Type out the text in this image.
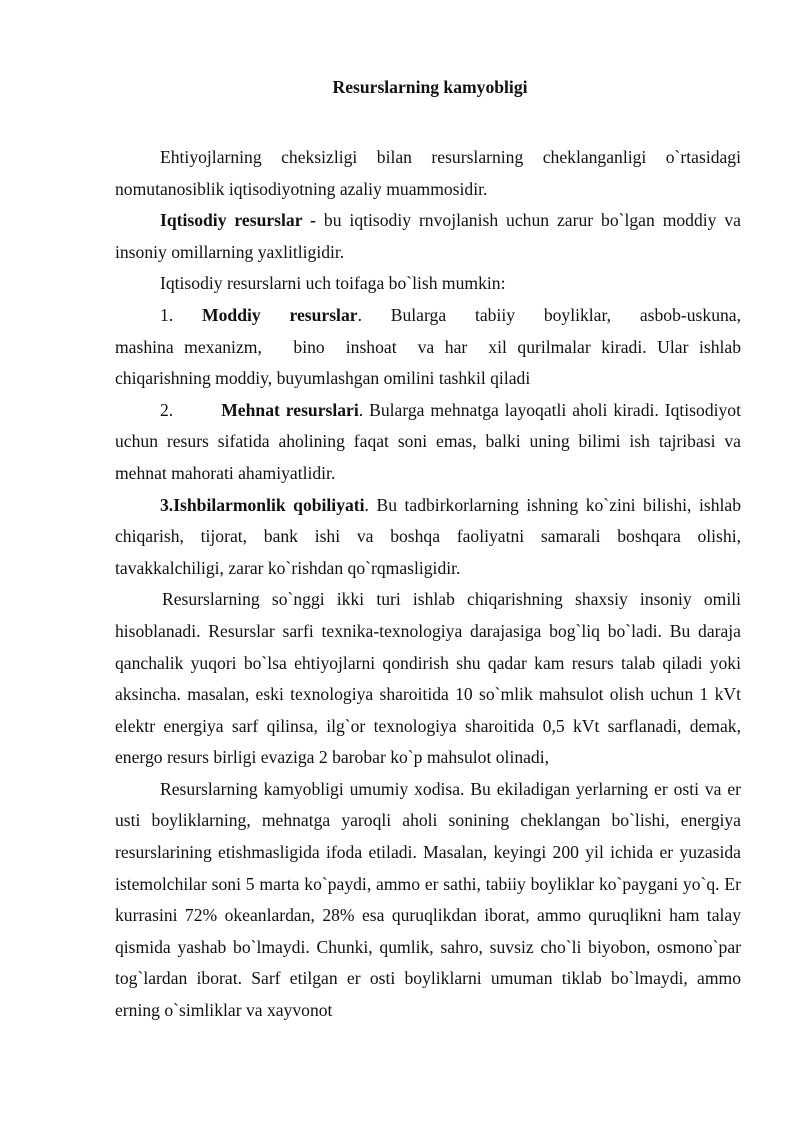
Resurslarning kamyobligi

Ehtiyojlarning cheksizligi bilan resurslarning cheklanganligi o`rtasidagi nomutanosiblik iqtisodiyotning azaliy muammosidir.

Iqtisodiy resurslar - bu iqtisodiy rnvojlanish uchun zarur bo`lgan moddiy va insoniy omillarning yaxlitligidir.

Iqtisodiy resurslarni uch toifaga bo`lish mumkin:

1. Moddiy resurslar. Bularga tabiiy boyliklar, asbob-uskuna,

mashina mexanizm,   bino  inshoat  va har  xil qurilmalar kiradi. Ular ishlab chiqarishning moddiy, buyumlashgan omilini tashkil qiladi

2.	Mehnat resurslari. Bularga mehnatga layoqatli aholi kiradi. Iqtisodiyot uchun resurs sifatida aholining faqat soni emas, balki uning bilimi ish tajribasi va mehnat mahorati ahamiyatlidir.

3.Ishbilarmonlik qobiliyati. Bu tadbirkorlarning ishning ko`zini bilishi, ishlab chiqarish, tijorat, bank ishi va boshqa faoliyatni samarali boshqara olishi, tavakkalchiligi, zarar ko`rishdan qo`rqmasligidir.

Resurslarning so`nggi ikki turi ishlab chiqarishning shaxsiy insoniy omili hisoblanadi. Resurslar sarfi texnika-texnologiya darajasiga bog`liq bo`ladi. Bu daraja qanchalik yuqori bo`lsa ehtiyojlarni qondirish shu qadar kam resurs talab qiladi yoki aksincha. masalan, eski texnologiya sharoitida 10 so`mlik mahsulot olish uchun 1 kVt elektr energiya sarf qilinsa, ilg`or texnologiya sharoitida 0,5 kVt sarflanadi, demak, energo resurs birligi evaziga 2 barobar ko`p mahsulot olinadi,

Resurslarning kamyobligi umumiy xodisa. Bu ekiladigan yerlarning er osti va er usti boyliklarning, mehnatga yaroqli aholi sonining cheklangan bo`lishi, energiya resurslarining etishmasligida ifoda etiladi. Masalan, keyingi 200 yil ichida er yuzasida istemolchilar soni 5 marta ko`paydi, ammo er sathi, tabiiy boyliklar ko`paygani yo`q. Er kurrasini 72% okeanlardan, 28% esa quruqlikdan iborat, ammo quruqlikni ham talay qismida yashab bo`lmaydi. Chunki, qumlik, sahro, suvsiz cho`li biyobon, osmono`par tog`lardan iborat. Sarf etilgan er osti boyliklarni umuman tiklab bo`lmaydi, ammo erning o`simliklar va xayvonot
